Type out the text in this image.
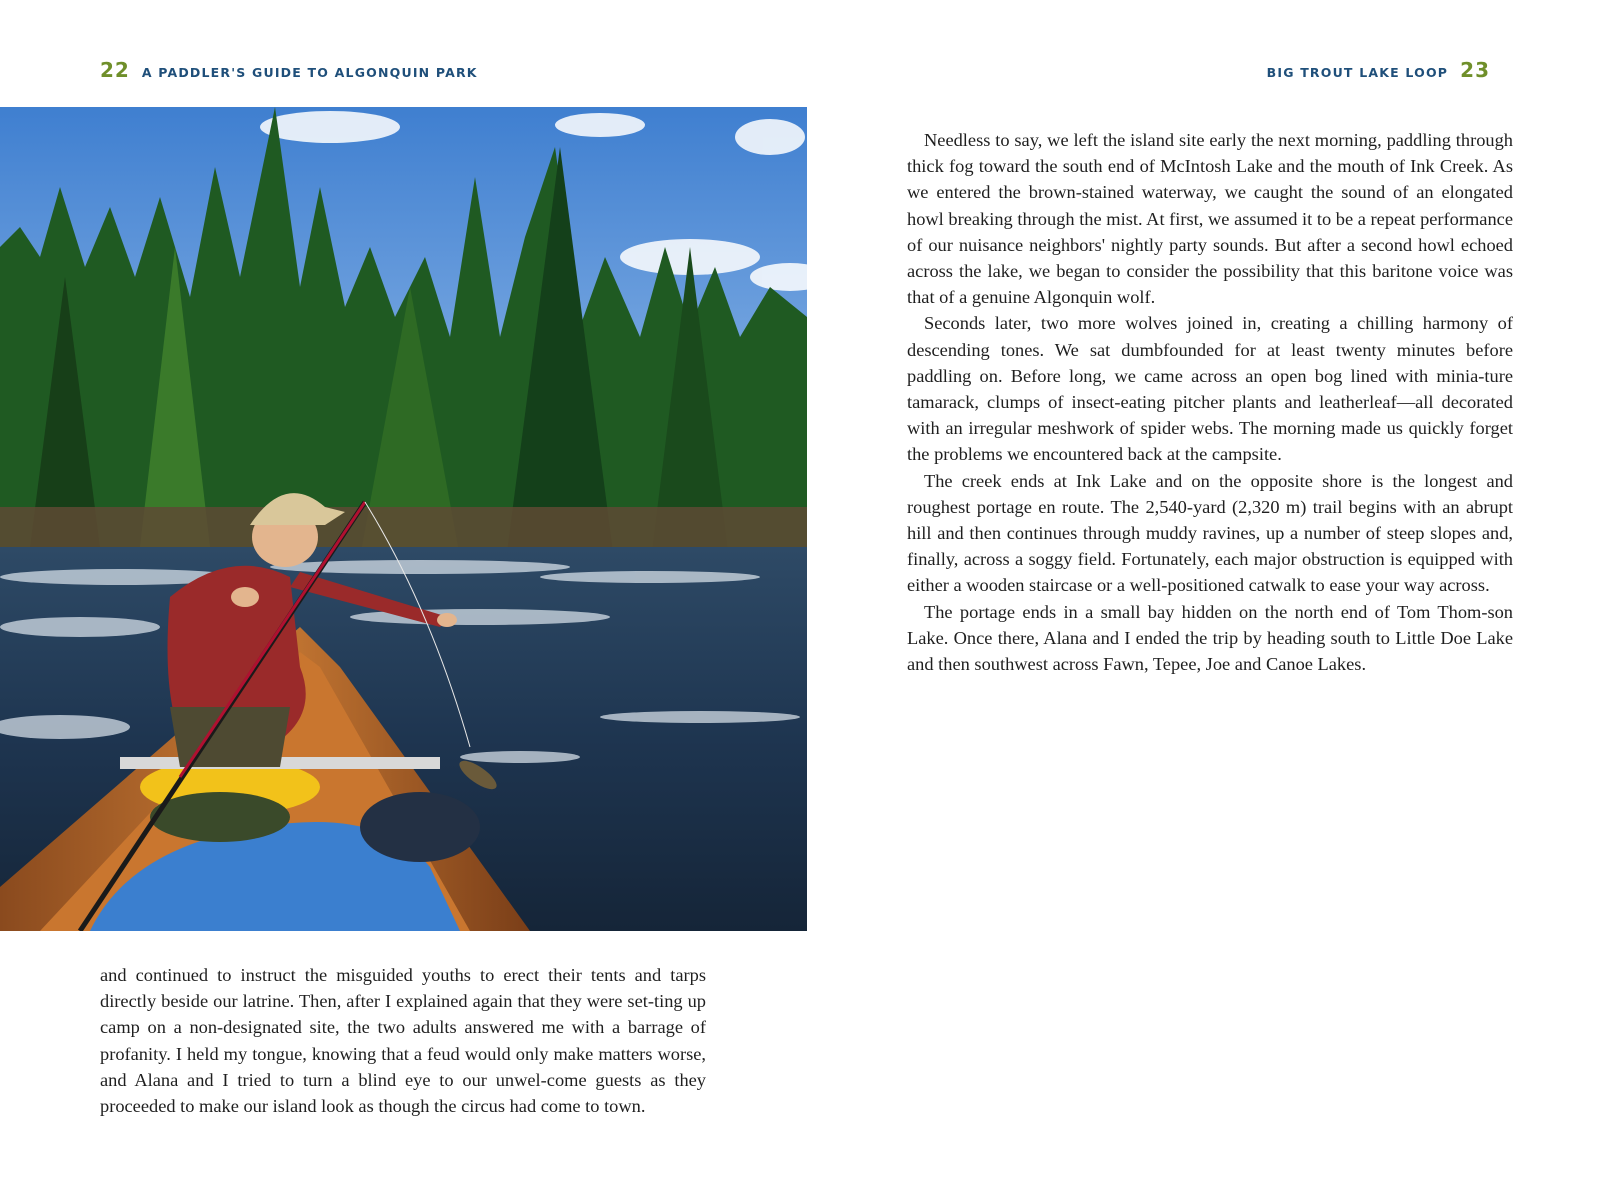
22 A PADDLER'S GUIDE TO ALGONQUIN PARK	BIG TROUT LAKE LOOP 23

and continued to instruct the misguided youths to erect their tents and tarps directly beside our latrine. Then, after I explained again that they were set-ting up camp on a non-designated site, the two adults answered me with a barrage of profanity. I held my tongue, knowing that a feud would only make matters worse, and Alana and I tried to turn a blind eye to our unwel-come guests as they proceeded to make our island look as though the circus had come to town.

Needless to say, we left the island site early the next morning, paddling through thick fog toward the south end of McIntosh Lake and the mouth of Ink Creek. As we entered the brown-stained waterway, we caught the sound of an elongated howl breaking through the mist. At first, we assumed it to be a repeat performance of our nuisance neighbors' nightly party sounds. But after a second howl echoed across the lake, we began to consider the possibility that this baritone voice was that of a genuine Algonquin wolf.

Seconds later, two more wolves joined in, creating a chilling harmony of descending tones. We sat dumbfounded for at least twenty minutes before paddling on. Before long, we came across an open bog lined with minia-ture tamarack, clumps of insect-eating pitcher plants and leatherleaf—all decorated with an irregular meshwork of spider webs. The morning made us quickly forget the problems we encountered back at the campsite.

The creek ends at Ink Lake and on the opposite shore is the longest and roughest portage en route. The 2,540-yard (2,320 m) trail begins with an abrupt hill and then continues through muddy ravines, up a number of steep slopes and, finally, across a soggy field. Fortunately, each major obstruction is equipped with either a wooden staircase or a well-positioned catwalk to ease your way across.

The portage ends in a small bay hidden on the north end of Tom Thom-son Lake. Once there, Alana and I ended the trip by heading south to Little Doe Lake and then southwest across Fawn, Tepee, Joe and Canoe Lakes.
